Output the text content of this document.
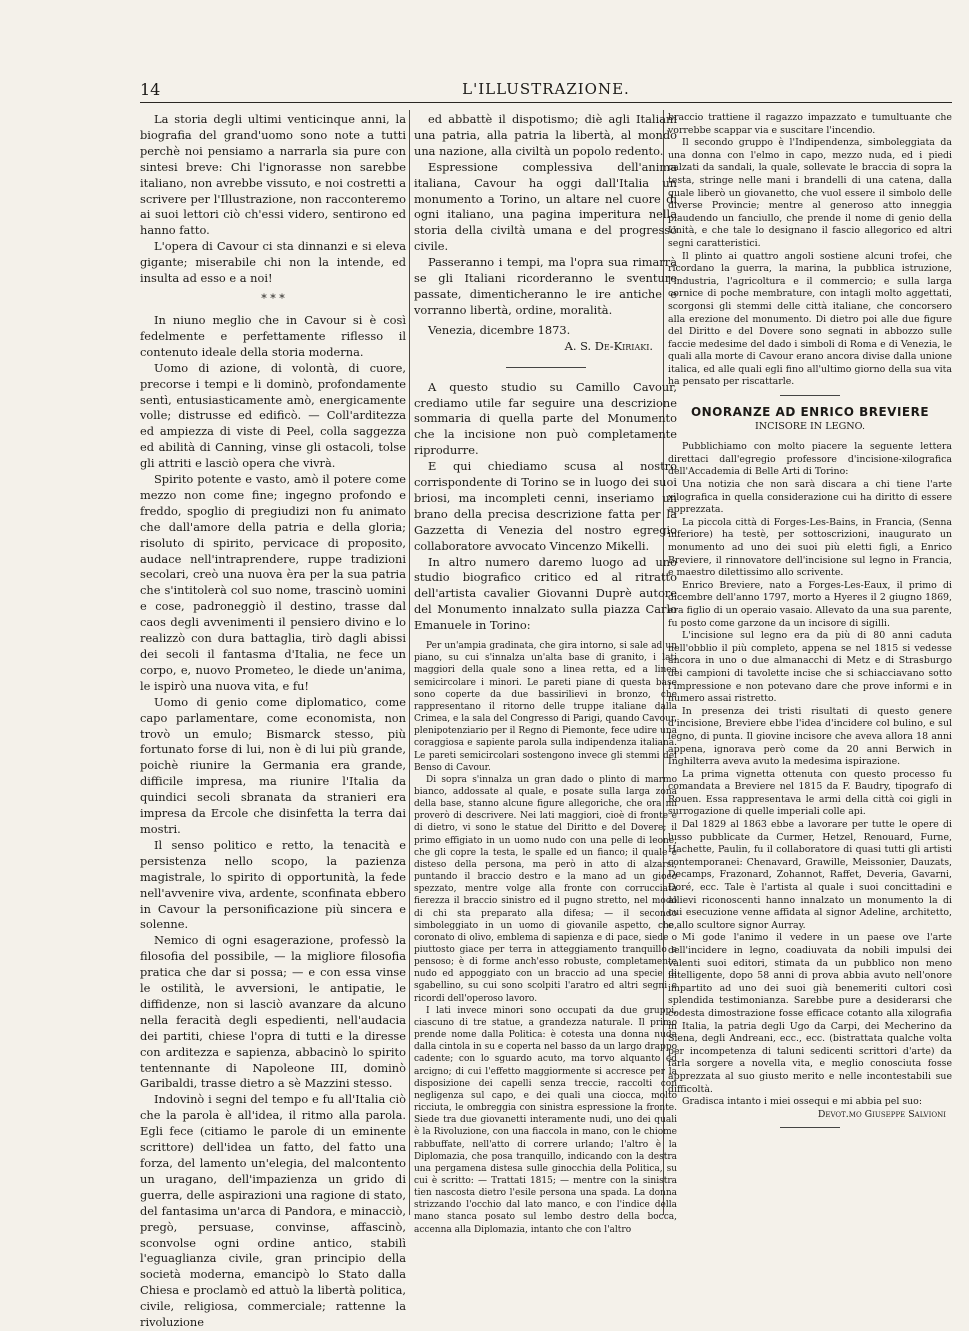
14	L'ILLUSTRAZIONE.

La storia degli ultimi venticinque anni, la biografia del grand'uomo sono note a tutti perchè noi pensiamo a narrarla sia pure con sintesi breve: Chi l'ignorasse non sarebbe italiano, non avrebbe vissuto, e noi costretti a scrivere per l'Illustrazione, non racconteremo ai suoi lettori ciò ch'essi videro, sentirono ed hanno fatto.

L'opera di Cavour ci sta dinnanzi e si eleva gigante; miserabile chi non la intende, ed insulta ad esso e a noi!

* * *

In niuno meglio che in Cavour si è così fedelmente e perfettamente riflesso il contenuto ideale della storia moderna.

Uomo di azione, di volontà, di cuore, precorse i tempi e li dominò, profondamente sentì, entusiasticamente amò, energicamente volle; distrusse ed edificò. — Coll'arditezza ed ampiezza di viste di Peel, colla saggezza ed abilità di Canning, vinse gli ostacoli, tolse gli attriti e lasciò opera che vivrà.

Spirito potente e vasto, amò il potere come mezzo non come fine; ingegno profondo e freddo, spoglio di pregiudizi non fu animato che dall'amore della patria e della gloria; risoluto di spirito, pervicace di proposito, audace nell'intraprendere, ruppe tradizioni secolari, creò una nuova èra per la sua patria che s'intitolerà col suo nome, trascinò uomini e cose, padroneggiò il destino, trasse dal caos degli avvenimenti il pensiero divino e lo realizzò con dura battaglia, tirò dagli abissi dei secoli il fantasma d'Italia, ne fece un corpo, e, nuovo Prometeo, le diede un'anima, le ispirò una nuova vita, e fu!

Uomo di genio come diplomatico, come capo parlamentare, come economista, non trovò un emulo; Bismarck stesso, più fortunato forse di lui, non è di lui più grande, poichè riunire la Germania era grande, difficile impresa, ma riunire l'Italia da quindici secoli sbranata da stranieri era impresa da Ercole che disinfetta la terra dai mostri.

Il senso politico e retto, la tenacità e persistenza nello scopo, la pazienza magistrale, lo spirito di opportunità, la fede nell'avvenire viva, ardente, sconfinata ebbero in Cavour la personificazione più sincera e solenne.

Nemico di ogni esagerazione, professò la filosofia del possibile, — la migliore filosofia pratica che dar si possa; — e con essa vinse le ostilità, le avversioni, le antipatie, le diffidenze, non si lasciò avanzare da alcuno nella feracità degli espedienti, nell'audacia dei partiti, chiese l'opra di tutti e la diresse con arditezza e sapienza, abbacinò lo spirito tentennante di Napoleone III, dominò Garibaldi, trasse dietro a sè Mazzini stesso.

Indovinò i segni del tempo e fu all'Italia ciò che la parola è all'idea, il ritmo alla parola. Egli fece (citiamo le parole di un eminente scrittore) dell'idea un fatto, del fatto una forza, del lamento un'elegia, del malcontento un uragano, dell'impazienza un grido di guerra, delle aspirazioni una ragione di stato, del fantasima un'arca di Pandora, e minacciò, pregò, persuase, convinse, affascinò, sconvolse ogni ordine antico, stabilì l'eguaglianza civile, gran principio della società moderna, emancipò lo Stato dalla Chiesa e proclamò ed attuò la libertà politica, civile, religiosa, commerciale; rattenne la rivoluzione

ed abbattè il dispotismo; diè agli Italiani una patria, alla patria la libertà, al mondo una nazione, alla civiltà un popolo redento.

Espressione complessiva dell'anima italiana, Cavour ha oggi dall'Italia un monumento a Torino, un altare nel cuore di ogni italiano, una pagina imperitura nella storia della civiltà umana e del progresso civile.

Passeranno i tempi, ma l'opra sua rimarrà se gli Italiani ricorderanno le sventure passate, dimenticheranno le ire antiche e vorranno libertà, ordine, moralità.

Venezia, dicembre 1873.

A. S. De-Kiriaki.

A questo studio su Camillo Cavour, crediamo utile far seguire una descrizione sommaria di quella parte del Monumento che la incisione non può completamente riprodurre.

E qui chiediamo scusa al nostro corrispondente di Torino se in luogo dei suoi briosi, ma incompleti cenni, inseriamo un brano della precisa descrizione fatta per la Gazzetta di Venezia del nostro egregio collaboratore avvocato Vincenzo Mikelli.

In altro numero daremo luogo ad uno studio biografico critico ed al ritratto dell'artista cavalier Giovanni Duprè autore del Monumento innalzato sulla piazza Carlo Emanuele in Torino:

Per un'ampia gradinata, che gira intorno, si sale ad un piano, su cui s'innalza un'alta base di granito, i lati maggiori della quale sono a linea retta, ed a linea semicircolare i minori. Le pareti piane di questa base sono coperte da due bassirilievi in bronzo, che rappresentano il ritorno delle truppe italiane dalla Crimea, e la sala del Congresso di Parigi, quando Cavour, plenipotenziario per il Regno di Piemonte, fece udire una coraggiosa e sapiente parola sulla indipendenza italiana. Le pareti semicircolari sostengono invece gli stemmi del Benso di Cavour.

Di sopra s'innalza un gran dado o plinto di marmo bianco, addossate al quale, e posate sulla larga zona della base, stanno alcune figure allegoriche, che ora mi proverò di descrivere. Nei lati maggiori, cioè di fronte e di dietro, vi sono le statue del Diritto e del Dovere; il primo effigiato in un uomo nudo con una pelle di leone, che gli copre la testa, le spalle ed un fianco; il quale è disteso della persona, ma però in atto di alzarsi, puntando il braccio destro e la mano ad un gioco spezzato, mentre volge alla fronte con corrucciata fierezza il braccio sinistro ed il pugno stretto, nel modo di chi sta preparato alla difesa; — il secondo simboleggiato in un uomo di giovanile aspetto, che, coronato di olivo, emblema di sapienza e di pace, siede o piuttosto giace per terra in atteggiamento tranquillo e pensoso; è di forme anch'esso robuste, completamente nudo ed appoggiato con un braccio ad una specie di sgabellino, su cui sono scolpiti l'aratro ed altri segni e ricordi dell'operoso lavoro.

I lati invece minori sono occupati da due gruppi, ciascuno di tre statue, a grandezza naturale. Il primo prende nome dalla Politica: è cotesta una donna nuda dalla cintola in su e coperta nel basso da un largo drappo cadente; con lo sguardo acuto, ma torvo alquanto ed arcigno; di cui l'effetto maggiormente si accresce per la disposizione dei capelli senza treccie, raccolti con negligenza sul capo, e dei quali una ciocca, molto ricciuta, le ombreggia con sinistra espressione la fronte. Siede tra due giovanetti interamente nudi, uno dei quali è la Rivoluzione, con una fiaccola in mano, con le chiome rabbuffate, nell'atto di correre urlando; l'altro è la Diplomazia, che posa tranquillo, indicando con la destra una pergamena distesa sulle ginocchia della Politica, su cui è scritto: — Trattati 1815; — mentre con la sinistra tien nascosta dietro l'esile persona una spada. La donna strizzando l'occhio dal lato manco, e con l'indice della mano stanca posato sul lembo destro della bocca, accenna alla Diplomazia, intanto che con l'altro

braccio trattiene il ragazzo impazzato e tumultuante che vorrebbe scappar via e suscitare l'incendio.

Il secondo gruppo è l'Indipendenza, simboleggiata da una donna con l'elmo in capo, mezzo nuda, ed i piedi calzati da sandali, la quale, sollevate le braccia di sopra la testa, stringe nelle mani i brandelli di una catena, dalla quale liberò un giovanetto, che vuol essere il simbolo delle diverse Provincie; mentre al generoso atto inneggia plaudendo un fanciullo, che prende il nome di genio della Unità, e che tale lo designano il fascio allegorico ed altri segni caratteristici.

Il plinto ai quattro angoli sostiene alcuni trofei, che ricordano la guerra, la marina, la pubblica istruzione, l'industria, l'agricoltura e il commercio; e sulla larga cornice di poche membrature, con intagli molto aggettati, scorgonsi gli stemmi delle città italiane, che concorsero alla erezione del monumento. Di dietro poi alle due figure del Diritto e del Dovere sono segnati in abbozzo sulle faccie medesime del dado i simboli di Roma e di Venezia, le quali alla morte di Cavour erano ancora divise dalla unione italica, ed alle quali egli fino all'ultimo giorno della sua vita ha pensato per riscattarle.

ONORANZE AD ENRICO BREVIERE
INCISORE IN LEGNO.

Pubblichiamo con molto piacere la seguente lettera direttaci dall'egregio professore d'incisione-xilografica dell'Accademia di Belle Arti di Torino:

Una notizia che non sarà discara a chi tiene l'arte xilografica in quella considerazione cui ha diritto di essere apprezzata.

La piccola città di Forges-Les-Bains, in Francia, (Senna inferiore) ha testè, per sottoscrizioni, inaugurato un monumento ad uno dei suoi più eletti figli, a Enrico Breviere, il rinnovatore dell'incisione sul legno in Francia, e maestro dilettissimo allo scrivente.

Enrico Breviere, nato a Forges-Les-Eaux, il primo di dicembre dell'anno 1797, morto a Hyeres il 2 giugno 1869, era figlio di un operaio vasaio. Allevato da una sua parente, fu posto come garzone da un incisore di sigilli.

L'incisione sul legno era da più di 80 anni caduta nell'obblio il più completo, appena se nel 1815 si vedesse ancora in uno o due almanacchi di Metz e di Strasburgo dei campioni di tavolette incise che si schiacciavano sotto l'impressione e non potevano dare che prove informi e in numero assai ristretto.

In presenza dei tristi risultati di questo genere d'incisione, Breviere ebbe l'idea d'incidere col bulino, e sul legno, di punta. Il giovine incisore che aveva allora 18 anni appena, ignorava però come da 20 anni Berwich in Inghilterra aveva avuto la medesima ispirazione.

La prima vignetta ottenuta con questo processo fu comandata a Breviere nel 1815 da F. Baudry, tipografo di Rouen. Essa rappresentava le armi della città coi gigli in surrogazione di quelle imperiali colle api.

Dal 1829 al 1863 ebbe a lavorare per tutte le opere di lusso pubblicate da Curmer, Hetzel, Renouard, Furne, Hachette, Paulin, fu il collaboratore di quasi tutti gli artisti contemporanei: Chenavard, Grawille, Meissonier, Dauzats, Decamps, Frazonard, Zohannot, Raffet, Deveria, Gavarni, Doré, ecc. Tale è l'artista al quale i suoi concittadini e allievi riconoscenti hanno innalzato un monumento la di cui esecuzione venne affidata al signor Adeline, architetto, e allo scultore signor Aurray.

Mi gode l'animo il vedere in un paese ove l'arte dell'incidere in legno, coadiuvata da nobili impulsi dei valenti suoi editori, stimata da un pubblico non meno intelligente, dopo 58 anni di prova abbia avuto nell'onore impartito ad uno dei suoi già benemeriti cultori così splendida testimonianza. Sarebbe pure a desiderarsi che codesta dimostrazione fosse efficace cotanto alla xilografia in Italia, la patria degli Ugo da Carpi, dei Mecherino da Siena, degli Andreani, ecc., ecc. (bistrattata qualche volta per incompetenza di taluni sedicenti scrittori d'arte) da farla sorgere a novella vita, e meglio conosciuta fosse apprezzata al suo giusto merito e nelle incontestabili sue difficoltà.

Gradisca intanto i miei ossequi e mi abbia pel suo:

Devot.mo Giuseppe Salvioni
